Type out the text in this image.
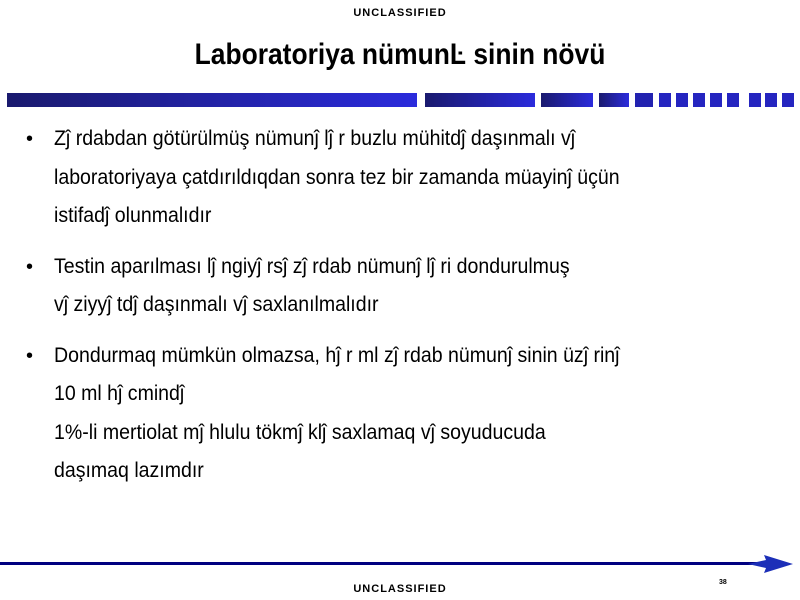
UNCLASSIFIED
Laboratoriya nümunĿ sinin növü
• Zĵ rdabdan götürülmüş nümunĵ lĵ r buzlu mühitdĵ daşınmalı vĵ
laboratoriyaya çatdırıldıqdan sonra tez bir zamanda müayinĵ üçün
istifadĵ olunmalıdır
• Testin aparılması lĵ ngiyĵ rsĵ zĵ rdab nümunĵ lĵ ri dondurulmuş
vĵ ziyyĵ tdĵ daşınmalı vĵ saxlanılmalıdır
• Dondurmaq mümkün olmazsa, hĵ r ml zĵ rdab nümunĵ sinin üzĵ rinĵ
10 ml hĵ cmindĵ
1%-li mertiolat mĵ hlulu tökmĵ klĵ saxlamaq vĵ soyuducuda
daşımaq lazımdır
38
UNCLASSIFIED
